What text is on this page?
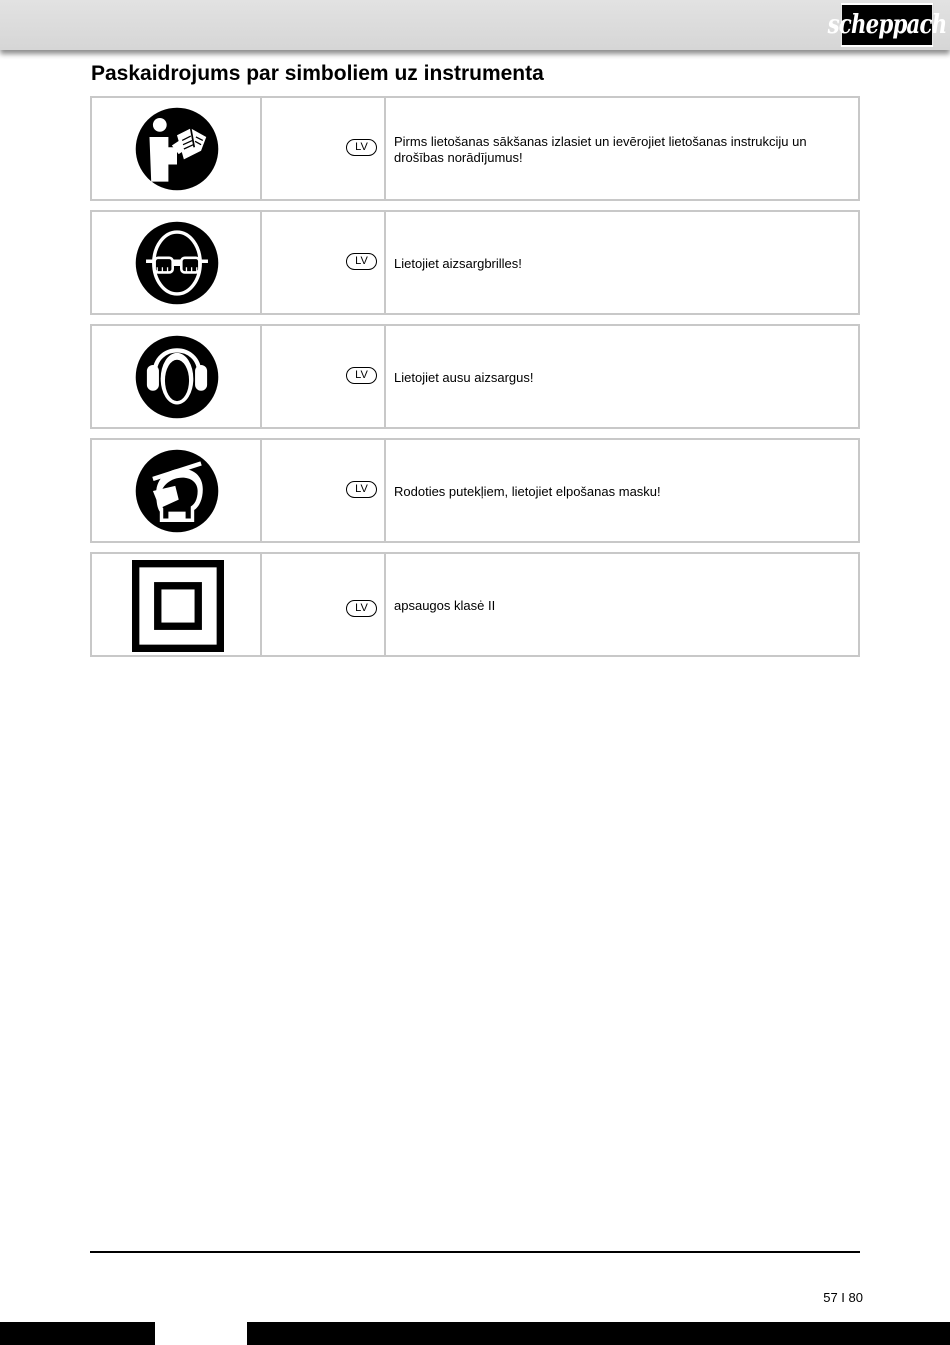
scheppach
Paskaidrojums par simboliem uz instrumenta
LV	Pirms lietošanas sākšanas izlasiet un ievērojiet lietošanas instrukciju un drošības norādījumus!
LV	Lietojiet aizsargbrilles!
LV	Lietojiet ausu aizsargus!
LV	Rodoties putekļiem, lietojiet elpošanas masku!
LV	apsaugos klasė II
57 I 80
